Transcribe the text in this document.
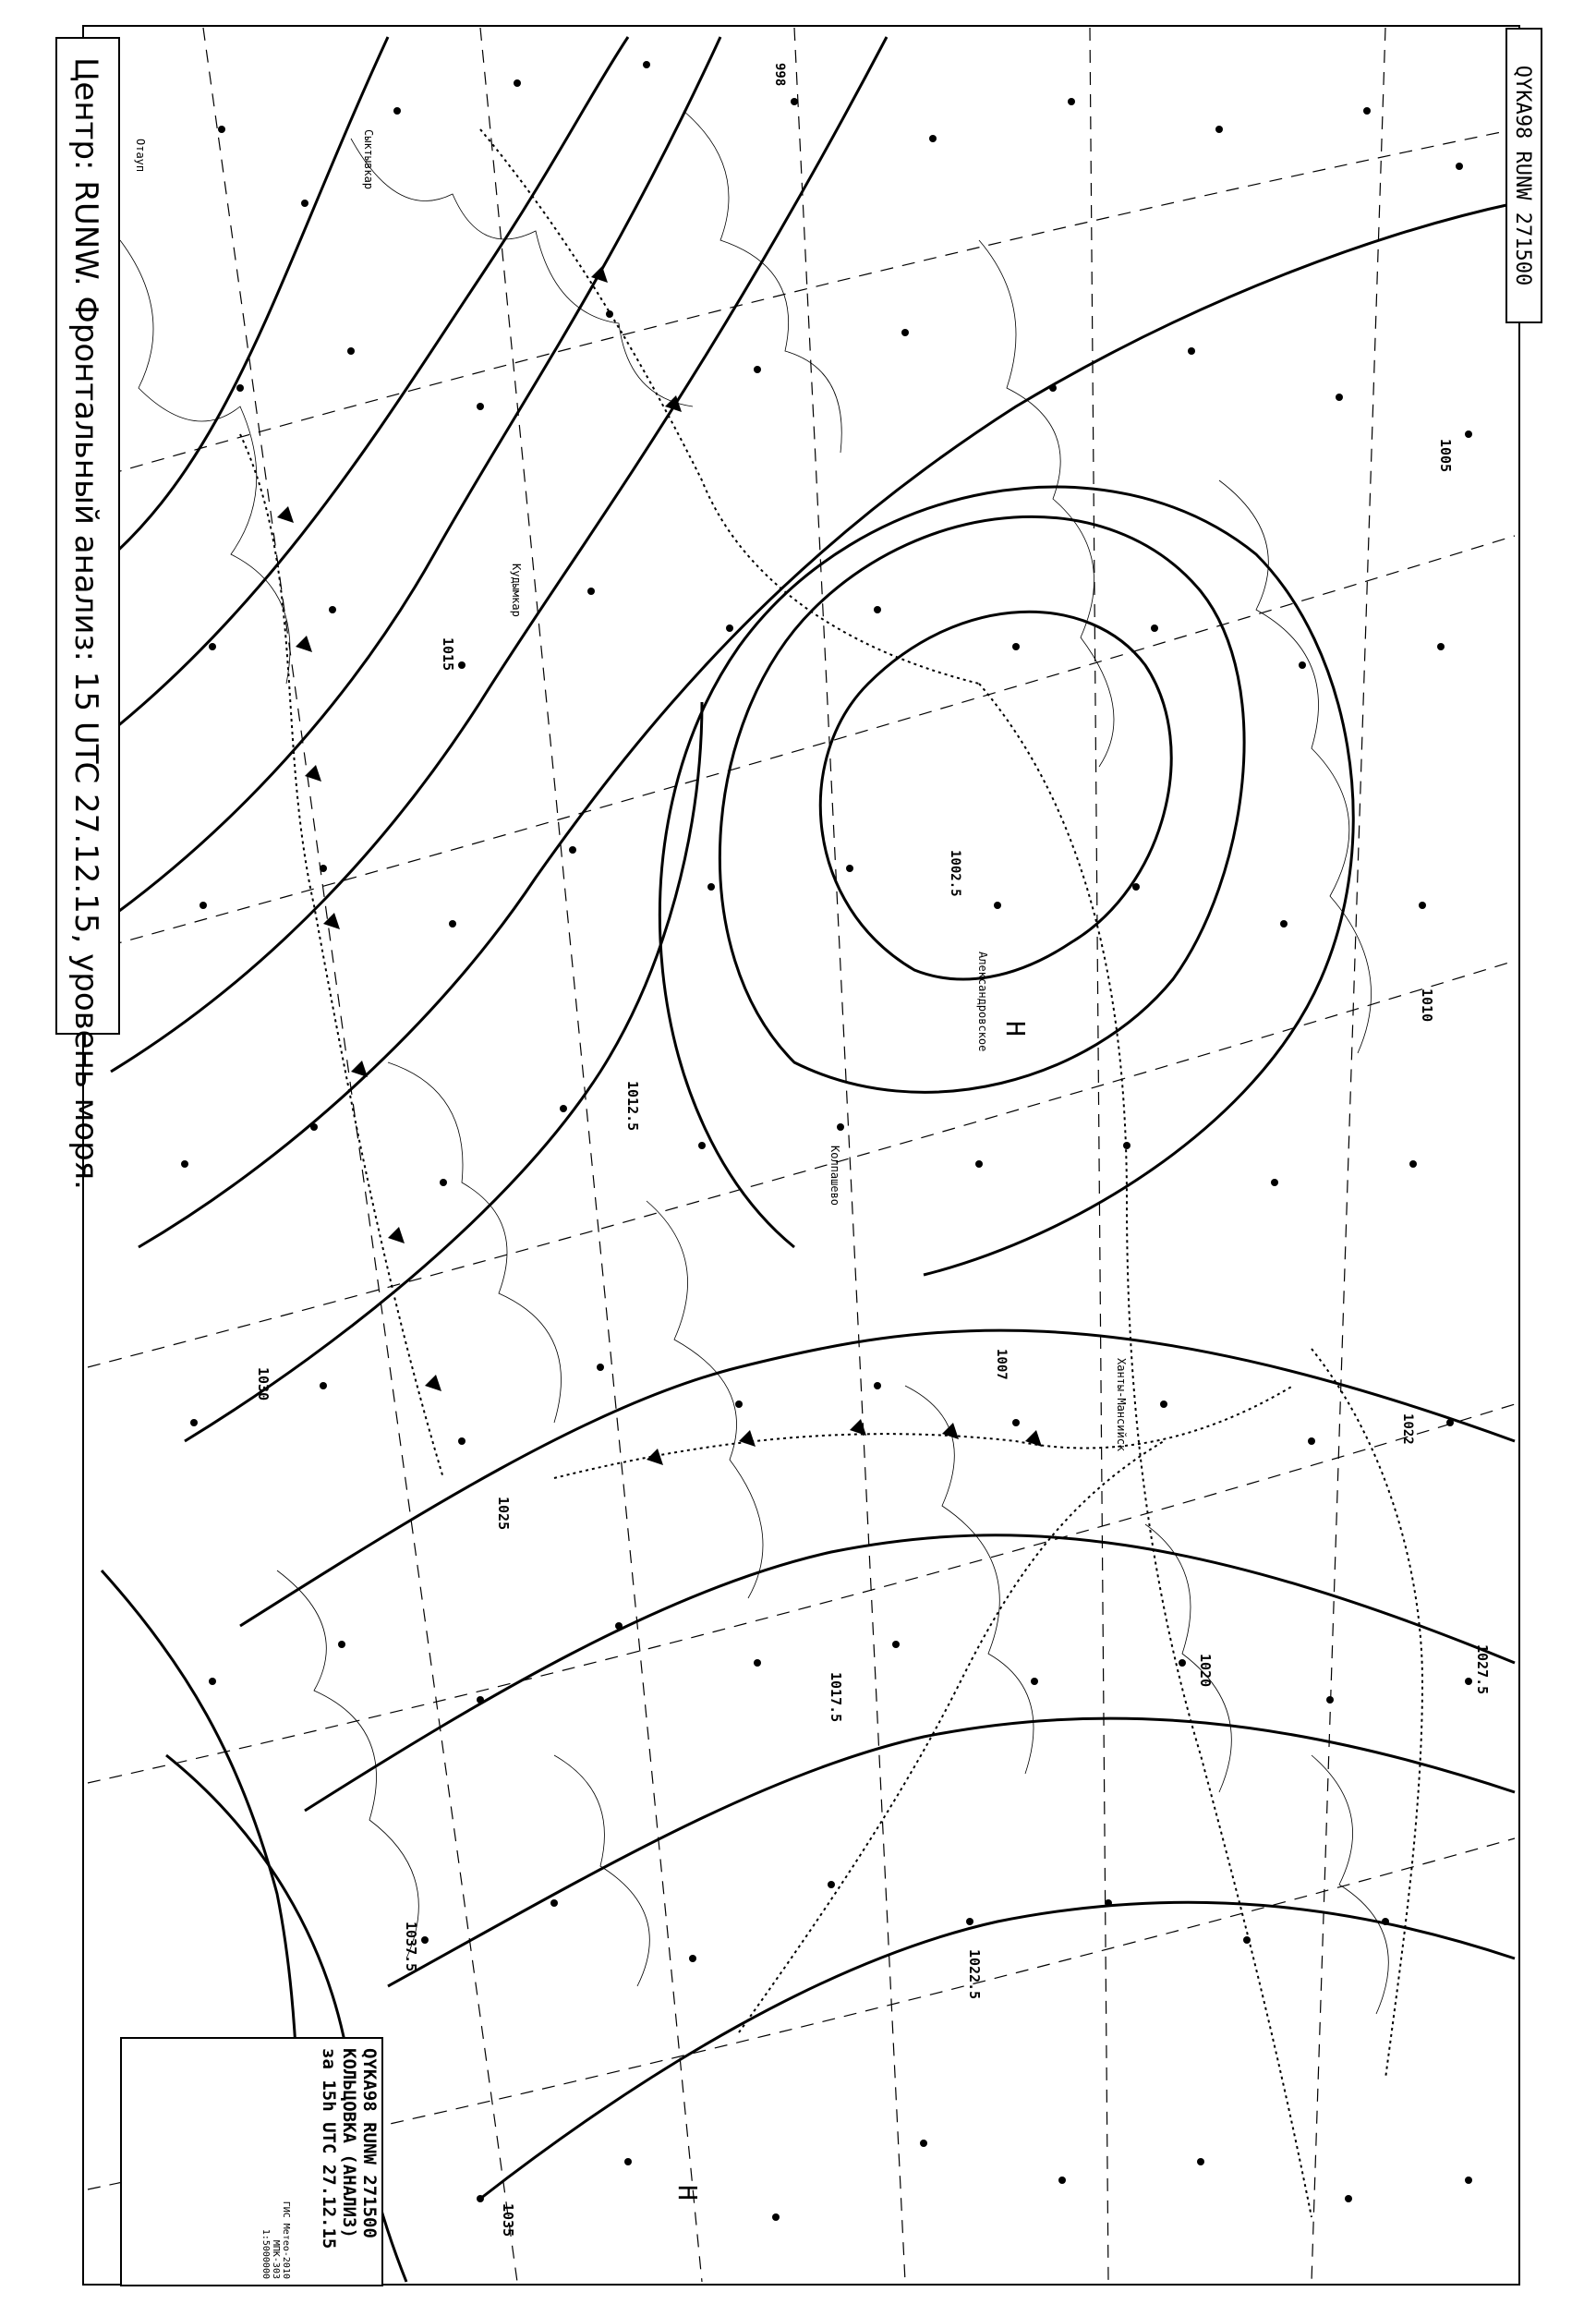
1005
1010
1012.5
1015
1017.5
1020
1022.5
1025
1027.5
1030
1035
1037.5
998
1002.5
1007
1022
H
Н
Отауп
Кудымкар
Сыктывкар
Александровское
Колпашево
Ханты-Мансийск
Центр: RUNW. Фронтальный анализ: 15 UTC 27.12.15, уровень моря.	QYKA98 RUNW 271500
QYKA98 RUNW 271500
КОЛЬЦОВКА (АНАЛИЗ)
за 15h UTC 27.12.15
ГИС Метео-2010
МПК-303
1:5000000
